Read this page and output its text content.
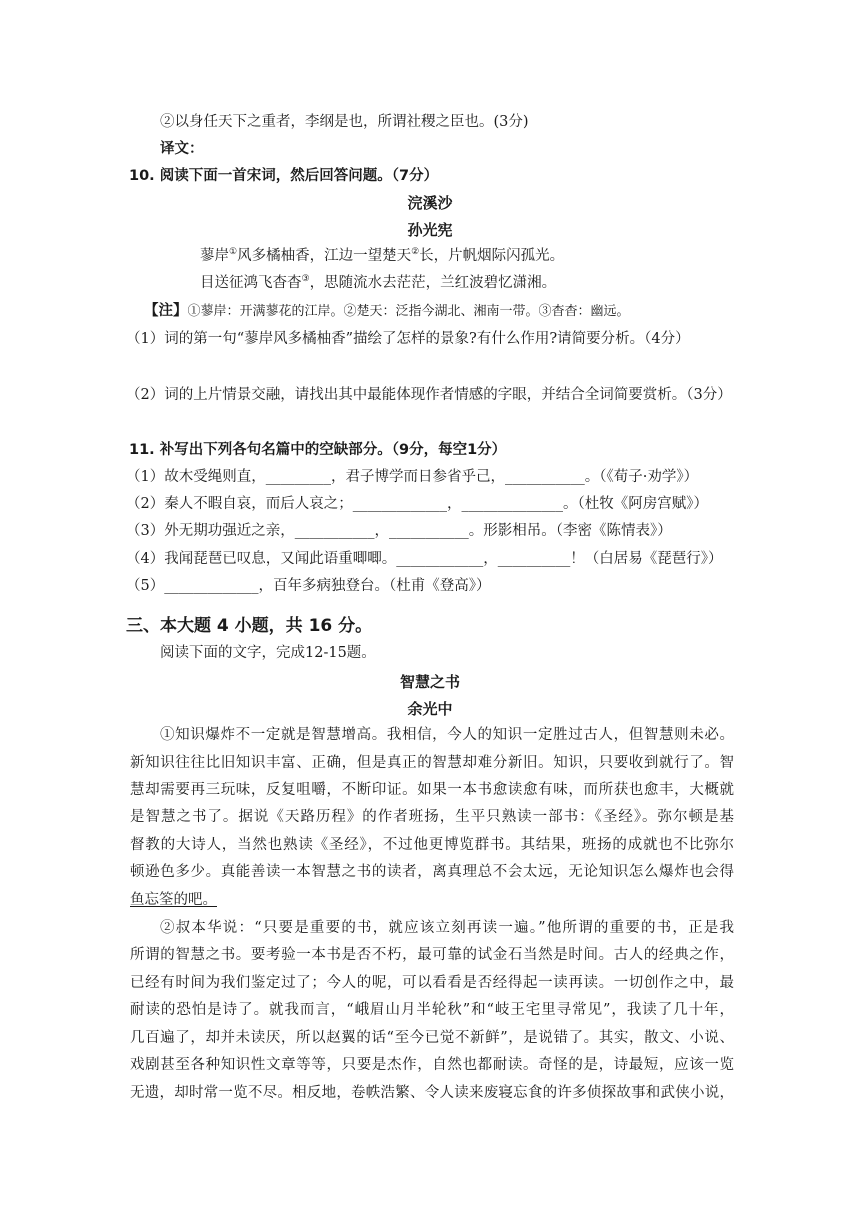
②以身任天下之重者，李纲是也，所谓社稷之臣也。(3分)
译文：
10. 阅读下面一首宋词，然后回答问题。（7分）
浣溪沙
孙光宪
蓼岸①风多橘柚香，江边一望楚天②长，片帆烟际闪孤光。
目送征鸿飞杳杳③，思随流水去茫茫，兰红波碧忆潇湘。
【注】①蓼岸：开满蓼花的江岸。②楚天：泛指今湖北、湘南一带。③杳杳：幽远。
（1）词的第一句“蓼岸风多橘柚香”描绘了怎样的景象?有什么作用?请简要分析。（4分）
（2）词的上片情景交融，请找出其中最能体现作者情感的字眼，并结合全词简要赏析。（3分）
11. 补写出下列各句名篇中的空缺部分。（9分，每空1分）
（1）故木受绳则直，_________，君子博学而日参省乎己，___________。（《荀子·劝学》）
（2）秦人不暇自哀，而后人哀之；_____________，______________。（杜牧《阿房宫赋》）
（3）外无期功强近之亲，___________，___________。形影相吊。（李密《陈情表》）
（4）我闻琵琶已叹息，又闻此语重唧唧。____________，__________！（白居易《琵琶行》）
（5）_____________，百年多病独登台。（杜甫《登高》）
三、本大题 4 小题，共 16 分。
阅读下面的文字，完成12-15题。
智慧之书
余光中
①知识爆炸不一定就是智慧增高。我相信，今人的知识一定胜过古人，但智慧则未必。
新知识往往比旧知识丰富、正确，但是真正的智慧却难分新旧。知识，只要收到就行了。智
慧却需要再三玩味，反复咀嚼，不断印证。如果一本书愈读愈有味，而所获也愈丰，大概就
是智慧之书了。据说《天路历程》的作者班扬，生平只熟读一部书：《圣经》。弥尔顿是基
督教的大诗人，当然也熟读《圣经》，不过他更博览群书。其结果，班扬的成就也不比弥尔
顿逊色多少。真能善读一本智慧之书的读者，离真理总不会太远，无论知识怎么爆炸也会得
鱼忘筌的吧。
②叔本华说：“只要是重要的书，就应该立刻再读一遍。”他所谓的重要的书，正是我
所谓的智慧之书。要考验一本书是否不朽，最可靠的试金石当然是时间。古人的经典之作，
已经有时间为我们鉴定过了；今人的呢，可以看看是否经得起一读再读。一切创作之中，最
耐读的恐怕是诗了。就我而言，“峨眉山月半轮秋”和“岐王宅里寻常见”，我读了几十年，
几百遍了，却并未读厌，所以赵翼的话“至今已觉不新鲜”，是说错了。其实，散文、小说、
戏剧甚至各种知识性文章等等，只要是杰作，自然也都耐读。奇怪的是，诗最短，应该一览
无遗，却时常一览不尽。相反地，卷帙浩繁、令人读来废寝忘食的许多侦探故事和武侠小说，
